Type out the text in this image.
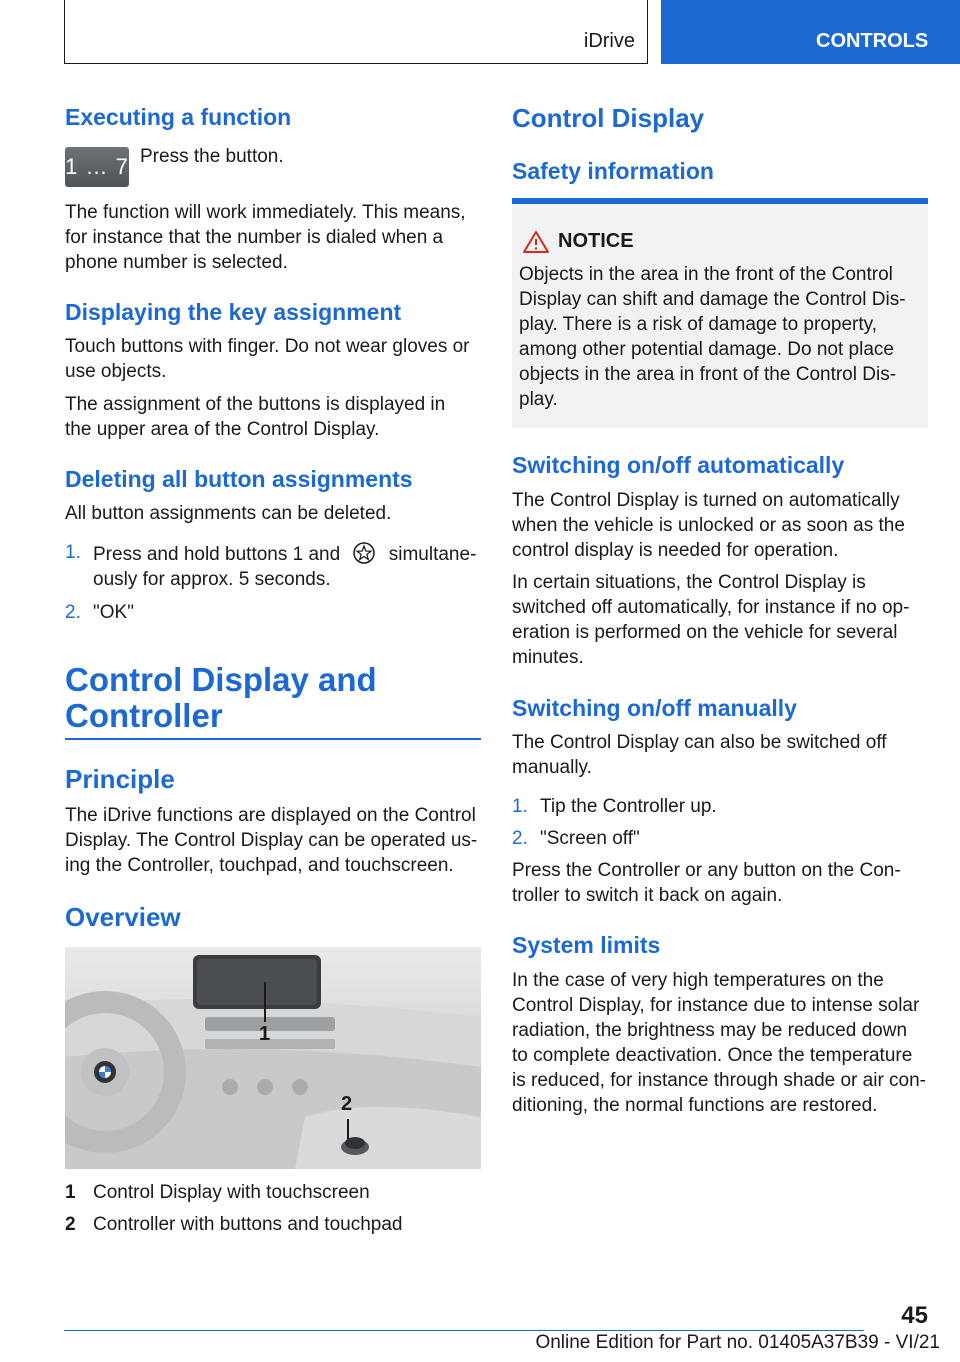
iDrive	CONTROLS
Executing a function
1 … 7 Press the button.

The function will work immediately. This means, for instance that the number is dialed when a phone number is selected.

Displaying the key assignment

Touch buttons with finger. Do not wear gloves or use objects.

The assignment of the buttons is displayed in the upper area of the Control Display.

Deleting all button assignments

All button assignments can be deleted.

1. Press and hold buttons 1 and	simultane-
ously for approx. 5 seconds.
2. "OK"
Control Display and
Controller
Principle

The iDrive functions are displayed on the Control Display. The Control Display can be operated us-ing the Controller, touchpad, and touchscreen.

Overview
1
2
1 Control Display with touchscreen
2 Controller with buttons and touchpad
Control Display
Safety information
NOTICE

Objects in the area in the front of the Control Display can shift and damage the Control Dis-play. There is a risk of damage to property, among other potential damage. Do not place objects in the area in front of the Control Dis-play.

Switching on/off automatically

The Control Display is turned on automatically when the vehicle is unlocked or as soon as the control display is needed for operation.

In certain situations, the Control Display is switched off automatically, for instance if no op-eration is performed on the vehicle for several minutes.

Switching on/off manually

The Control Display can also be switched off manually.

1. Tip the Controller up.
2. "Screen off"

Press the Controller or any button on the Con-troller to switch it back on again.

System limits

In the case of very high temperatures on the Control Display, for instance due to intense solar radiation, the brightness may be reduced down to complete deactivation. Once the temperature is reduced, for instance through shade or air con-ditioning, the normal functions are restored.

45
Online Edition for Part no. 01405A37B39 - VI/21
